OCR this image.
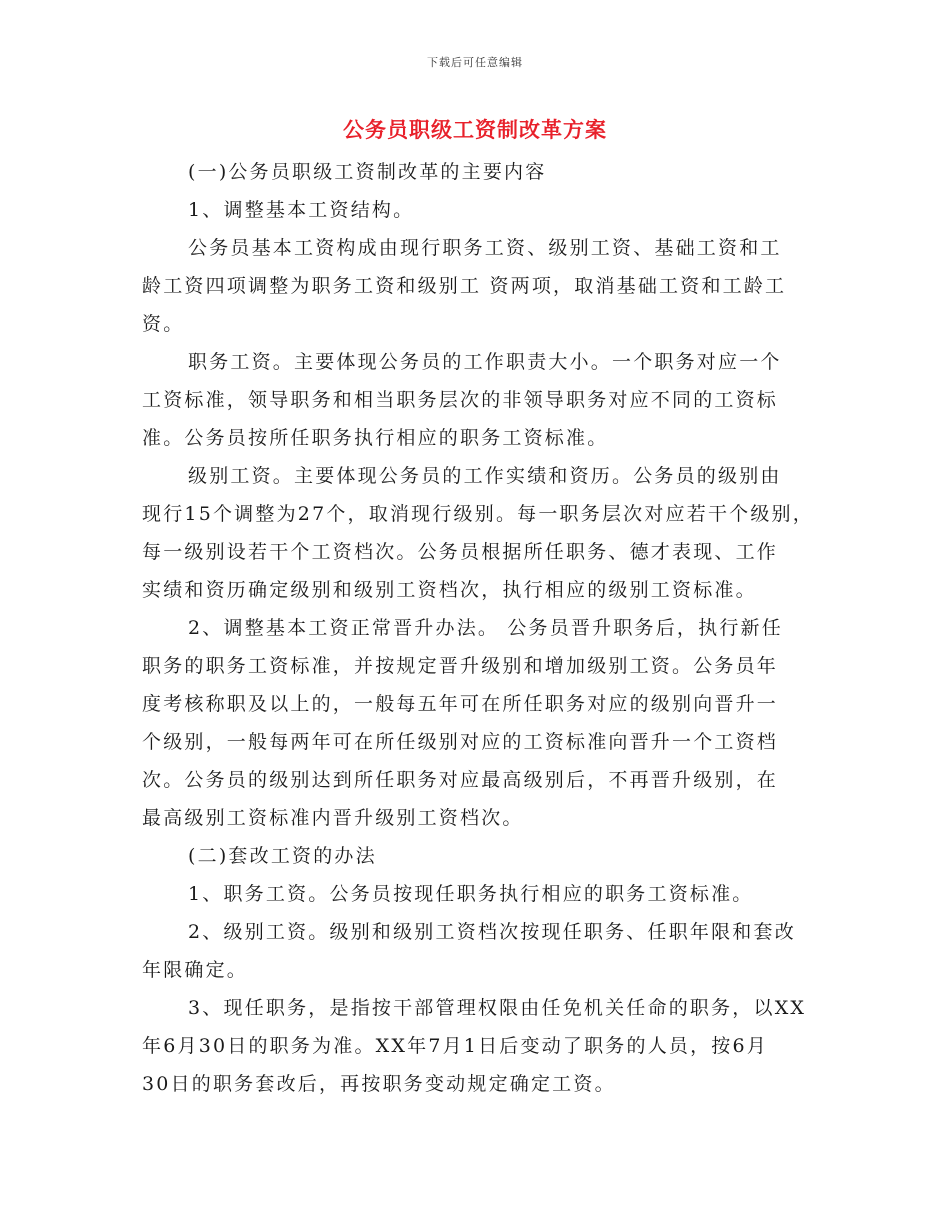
下载后可任意编辑
公务员职级工资制改革方案
(一)公务员职级工资制改革的主要内容
1、调整基本工资结构。
公务员基本工资构成由现行职务工资、级别工资、基础工资和工
龄工资四项调整为职务工资和级别工 资两项，取消基础工资和工龄工
资。
职务工资。主要体现公务员的工作职责大小。一个职务对应一个
工资标准，领导职务和相当职务层次的非领导职务对应不同的工资标
准。公务员按所任职务执行相应的职务工资标准。
级别工资。主要体现公务员的工作实绩和资历。公务员的级别由
现行15个调整为27个，取消现行级别。每一职务层次对应若干个级别，
每一级别设若干个工资档次。公务员根据所任职务、德才表现、工作
实绩和资历确定级别和级别工资档次，执行相应的级别工资标准。
2、调整基本工资正常晋升办法。 公务员晋升职务后，执行新任
职务的职务工资标准，并按规定晋升级别和增加级别工资。公务员年
度考核称职及以上的，一般每五年可在所任职务对应的级别向晋升一
个级别，一般每两年可在所任级别对应的工资标准向晋升一个工资档
次。公务员的级别达到所任职务对应最高级别后，不再晋升级别，在
最高级别工资标准内晋升级别工资档次。
(二)套改工资的办法
1、职务工资。公务员按现任职务执行相应的职务工资标准。
2、级别工资。级别和级别工资档次按现任职务、任职年限和套改
年限确定。
3、现任职务，是指按干部管理权限由任免机关任命的职务，以XX
年6月30日的职务为准。XX年7月1日后变动了职务的人员，按6月
30日的职务套改后，再按职务变动规定确定工资。
